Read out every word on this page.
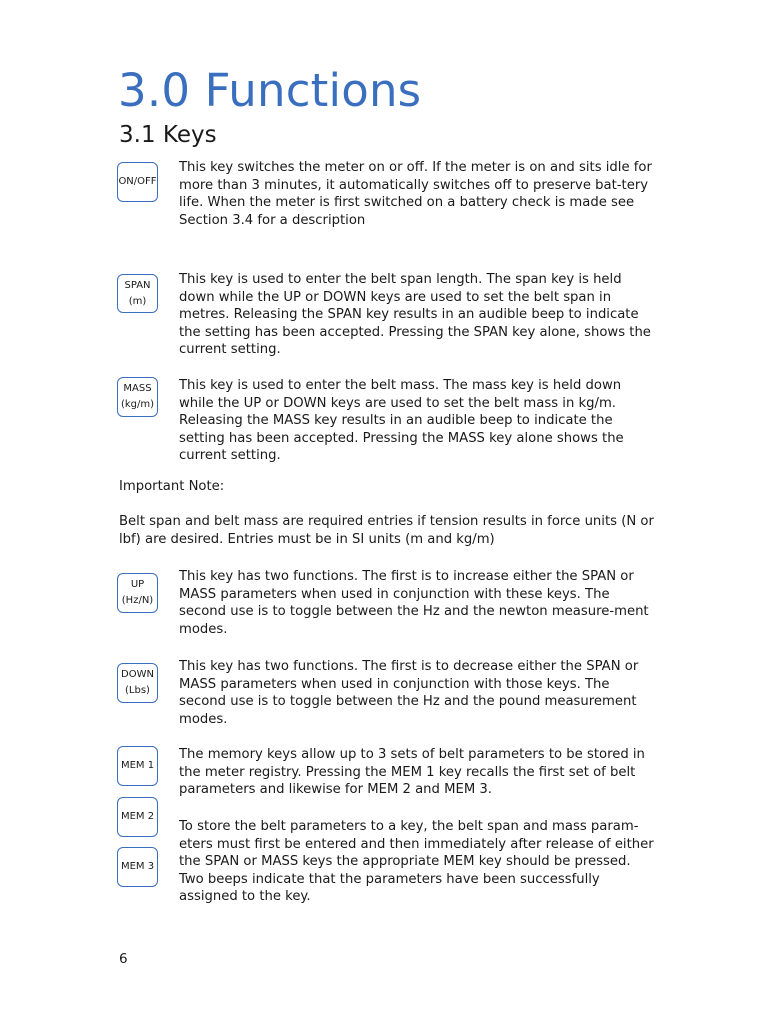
3.0 Functions
3.1 Keys
ON/OFF
SPAN
(m)
MASS
(kg/m)
UP
(Hz/N)
DOWN
(Lbs)
MEM 1
MEM 2
MEM 3

This key switches the meter on or off. If the meter is on and sits idle for more than 3 minutes, it automatically switches off to preserve bat-tery life. When the meter is first switched on a battery check is made see Section 3.4 for a description

This key is used to enter the belt span length. The span key is held down while the UP or DOWN keys are used to set the belt span in metres. Releasing the SPAN key results in an audible beep to indicate the setting has been accepted. Pressing the SPAN key alone, shows the current setting.

This key is used to enter the belt mass. The mass key is held down while the UP or DOWN keys are used to set the belt mass in kg/m. Releasing the MASS key results in an audible beep to indicate the setting has been accepted. Pressing the MASS key alone shows the current setting.

Important Note:

Belt span and belt mass are required entries if tension results in force units (N or lbf) are desired. Entries must be in SI units (m and kg/m)

This key has two functions. The first is to increase either the SPAN or MASS parameters when used in conjunction with these keys. The second use is to toggle between the Hz and the newton measure-ment modes.

This key has two functions. The first is to decrease either the SPAN or MASS parameters when used in conjunction with those keys. The second use is to toggle between the Hz and the pound measurement modes.

The memory keys allow up to 3 sets of belt parameters to be stored in the meter registry. Pressing the MEM 1 key recalls the first set of belt parameters and likewise for MEM 2 and MEM 3.

To store the belt parameters to a key, the belt span and mass param-eters must first be entered and then immediately after release of either the SPAN or MASS keys the appropriate MEM key should be pressed. Two beeps indicate that the parameters have been successfully assigned to the key.

6
